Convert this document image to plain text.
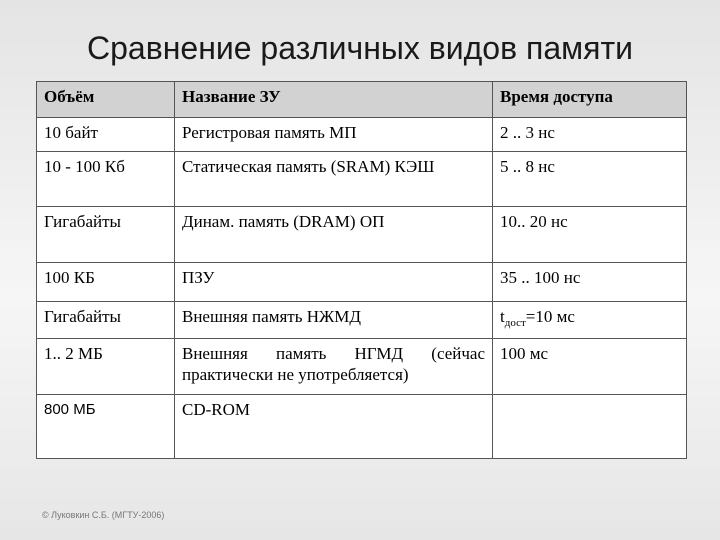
Сравнение различных видов памяти
Объём	Название ЗУ	Время доступа
10 байт	Регистровая память МП	2 .. 3 нс
10 - 100 Кб	Статическая память (SRAM) КЭШ	5 .. 8 нс
Гигабайты	Динам. память (DRAM) ОП	10.. 20 нс
100 КБ	ПЗУ	35 .. 100 нс
Гигабайты	Внешняя память НЖМД	$t_{дост}=10$ мс
1.. 2 МБ	Внешняя память НГМД (сейчас практически не употребляется)	100 мс
800 МБ	CD-ROM	
© Луковкин С.Б. (МГТУ-2006)
